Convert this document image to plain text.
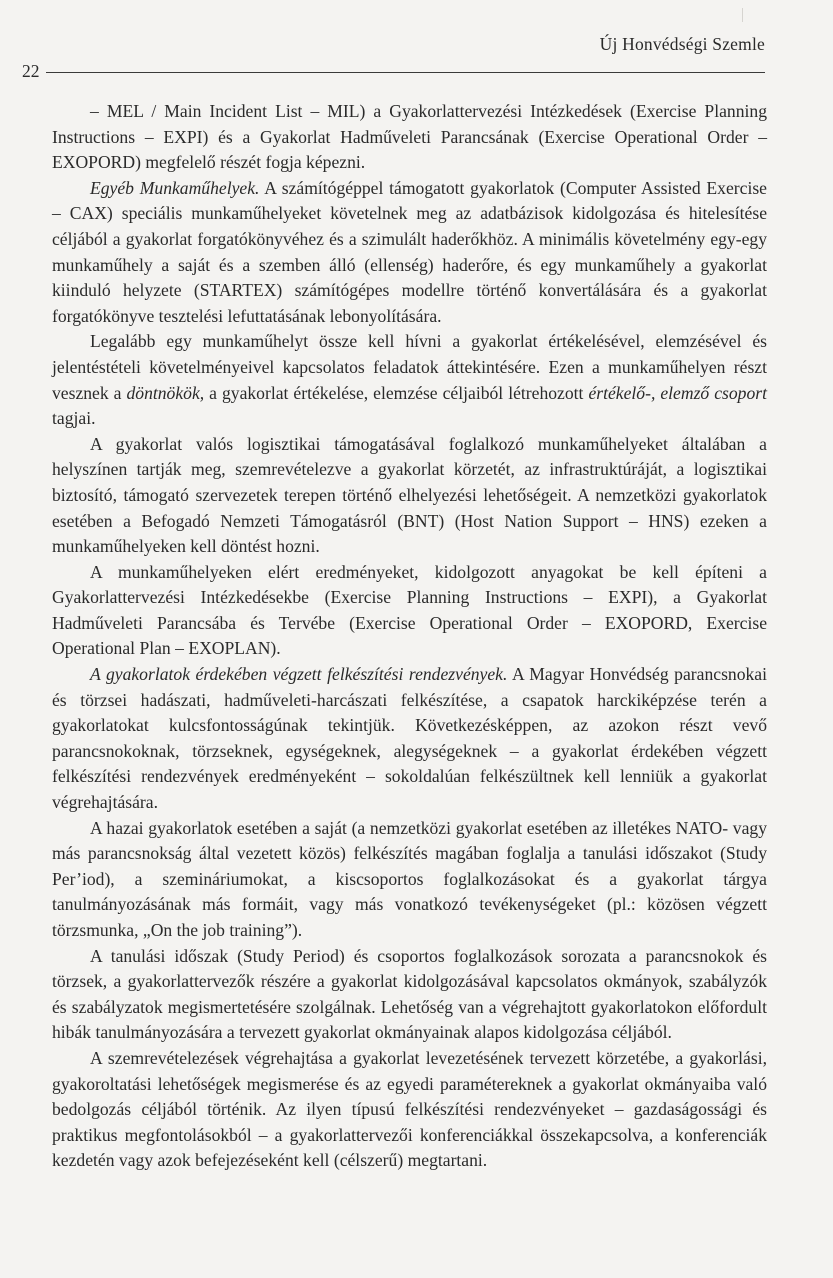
Új Honvédségi Szemle
22

– MEL / Main Incident List – MIL) a Gyakorlattervezési Intézkedések (Exercise Planning Instructions – EXPI) és a Gyakorlat Hadműveleti Parancsának (Exercise Operational Order – EXOPORD) megfelelő részét fogja képezni.

Egyéb Munkaműhelyek. A számítógéppel támogatott gyakorlatok (Computer Assisted Exercise – CAX) speciális munkaműhelyeket követelnek meg az adatbázisok kidolgozása és hitelesítése céljából a gyakorlat forgatókönyvéhez és a szimulált haderőkhöz. A minimális követelmény egy-egy munkaműhely a saját és a szemben álló (ellenség) haderőre, és egy munkaműhely a gyakorlat kiinduló helyzete (STARTEX) számítógépes modellre történő konvertálására és a gyakorlat forgatókönyve tesztelési lefuttatásának lebonyolítására.

Legalább egy munkaműhelyt össze kell hívni a gyakorlat értékelésével, elemzésével és jelentéstételi követelményeivel kapcsolatos feladatok áttekintésére. Ezen a munkaműhelyen részt vesznek a döntnökök, a gyakorlat értékelése, elemzése céljaiból létrehozott értékelő-, elemző csoport tagjai.

A gyakorlat valós logisztikai támogatásával foglalkozó munkaműhelyeket általában a helyszínen tartják meg, szemrevételezve a gyakorlat körzetét, az infrastruktúráját, a logisztikai biztosító, támogató szervezetek terepen történő elhelyezési lehetőségeit. A nemzetközi gyakorlatok esetében a Befogadó Nemzeti Támogatásról (BNT) (Host Nation Support – HNS) ezeken a munkaműhelyeken kell döntést hozni.

A munkaműhelyeken elért eredményeket, kidolgozott anyagokat be kell építeni a Gyakorlattervezési Intézkedésekbe (Exercise Planning Instructions – EXPI), a Gyakorlat Hadműveleti Parancsába és Tervébe (Exercise Operational Order – EXOPORD, Exercise Operational Plan – EXOPLAN).

A gyakorlatok érdekében végzett felkészítési rendezvények. A Magyar Honvédség parancsnokai és törzsei hadászati, hadműveleti-harcászati felkészítése, a csapatok harckiképzése terén a gyakorlatokat kulcsfontosságúnak tekintjük. Következésképpen, az azokon részt vevő parancsnokoknak, törzseknek, egységeknek, alegységeknek – a gyakorlat érdekében végzett felkészítési rendezvények eredményeként – sokoldalúan felkészültnek kell lenniük a gyakorlat végrehajtására.

A hazai gyakorlatok esetében a saját (a nemzetközi gyakorlat esetében az illetékes NATO- vagy más parancsnokság által vezetett közös) felkészítés magában foglalja a tanulási időszakot (Study Per’iod), a szemináriumokat, a kiscsoportos foglalkozásokat és a gyakorlat tárgya tanulmányozásának más formáit, vagy más vonatkozó tevékenységeket (pl.: közösen végzett törzsmunka, „On the job training”).

A tanulási időszak (Study Period) és csoportos foglalkozások sorozata a parancsnokok és törzsek, a gyakorlattervezők részére a gyakorlat kidolgozásával kapcsolatos okmányok, szabályzók és szabályzatok megismertetésére szolgálnak. Lehetőség van a végrehajtott gyakorlatokon előfordult hibák tanulmányozására a tervezett gyakorlat okmányainak alapos kidolgozása céljából.

A szemrevételezések végrehajtása a gyakorlat levezetésének tervezett körzetébe, a gyakorlási, gyakoroltatási lehetőségek megismerése és az egyedi paramétereknek a gyakorlat okmányaiba való bedolgozás céljából történik. Az ilyen típusú felkészítési rendezvényeket – gazdaságossági és praktikus megfontolásokból – a gyakorlattervezői konferenciákkal összekapcsolva, a konferenciák kezdetén vagy azok befejezéseként kell (célszerű) megtartani.
